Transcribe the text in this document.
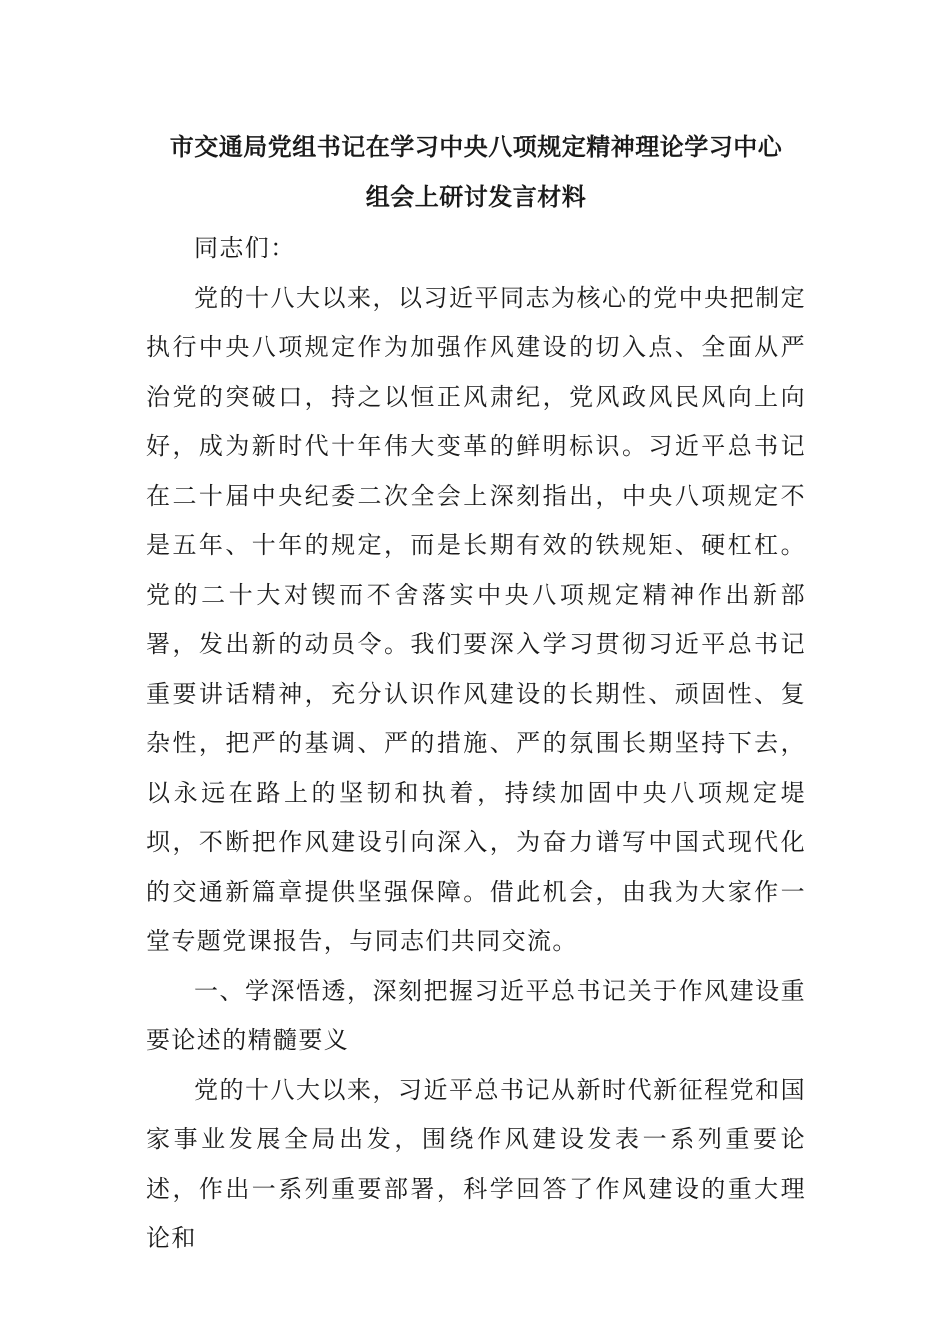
市交通局党组书记在学习中央八项规定精神理论学习中心
组会上研讨发言材料

同志们：

党的十八大以来，以习近平同志为核心的党中央把制定执行中央八项规定作为加强作风建设的切入点、全面从严治党的突破口，持之以恒正风肃纪，党风政风民风向上向好，成为新时代十年伟大变革的鲜明标识。习近平总书记在二十届中央纪委二次全会上深刻指出，中央八项规定不是五年、十年的规定，而是长期有效的铁规矩、硬杠杠。党的二十大对锲而不舍落实中央八项规定精神作出新部署，发出新的动员令。我们要深入学习贯彻习近平总书记重要讲话精神，充分认识作风建设的长期性、顽固性、复杂性，把严的基调、严的措施、严的氛围长期坚持下去，以永远在路上的坚韧和执着，持续加固中央八项规定堤坝，不断把作风建设引向深入，为奋力谱写中国式现代化的交通新篇章提供坚强保障。借此机会，由我为大家作一堂专题党课报告，与同志们共同交流。

一、学深悟透，深刻把握习近平总书记关于作风建设重要论述的精髓要义

党的十八大以来，习近平总书记从新时代新征程党和国家事业发展全局出发，围绕作风建设发表一系列重要论述，作出一系列重要部署，科学回答了作风建设的重大理论和
